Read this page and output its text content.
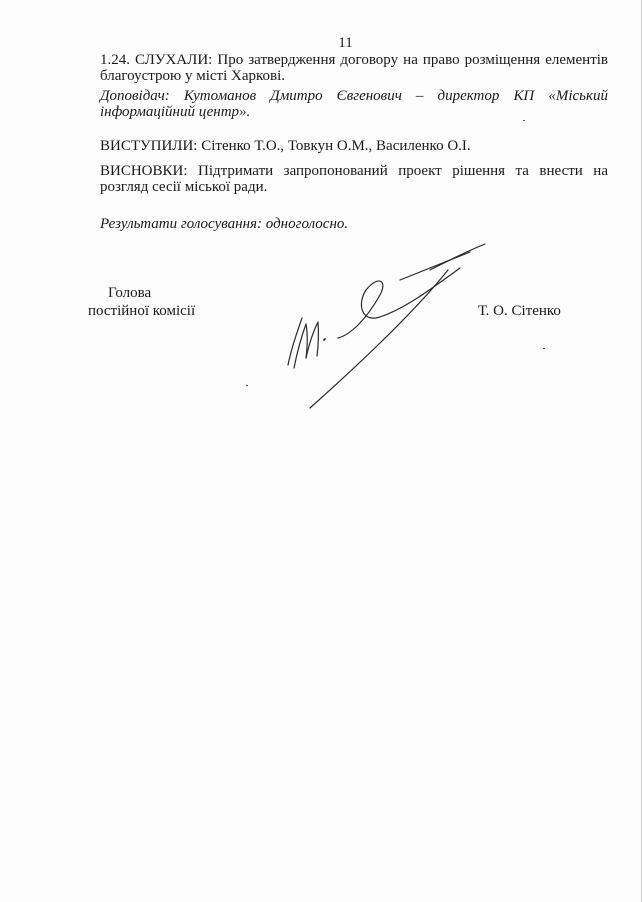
11
1.24. СЛУХАЛИ: Про затвердження договору на право розміщення елементів благоустрою у місті Харкові.
Доповідач: Кутоманов Дмитро Євгенович – директор КП «Міський інформаційний центр».
ВИСТУПИЛИ: Сітенко Т.О., Товкун О.М., Василенко О.І.
ВИСНОВКИ: Підтримати запропонований проект рішення та внести на розгляд сесії міської ради.
Результати голосування: одноголосно.
Голова
постійної комісії	Т. О. Сітенко
